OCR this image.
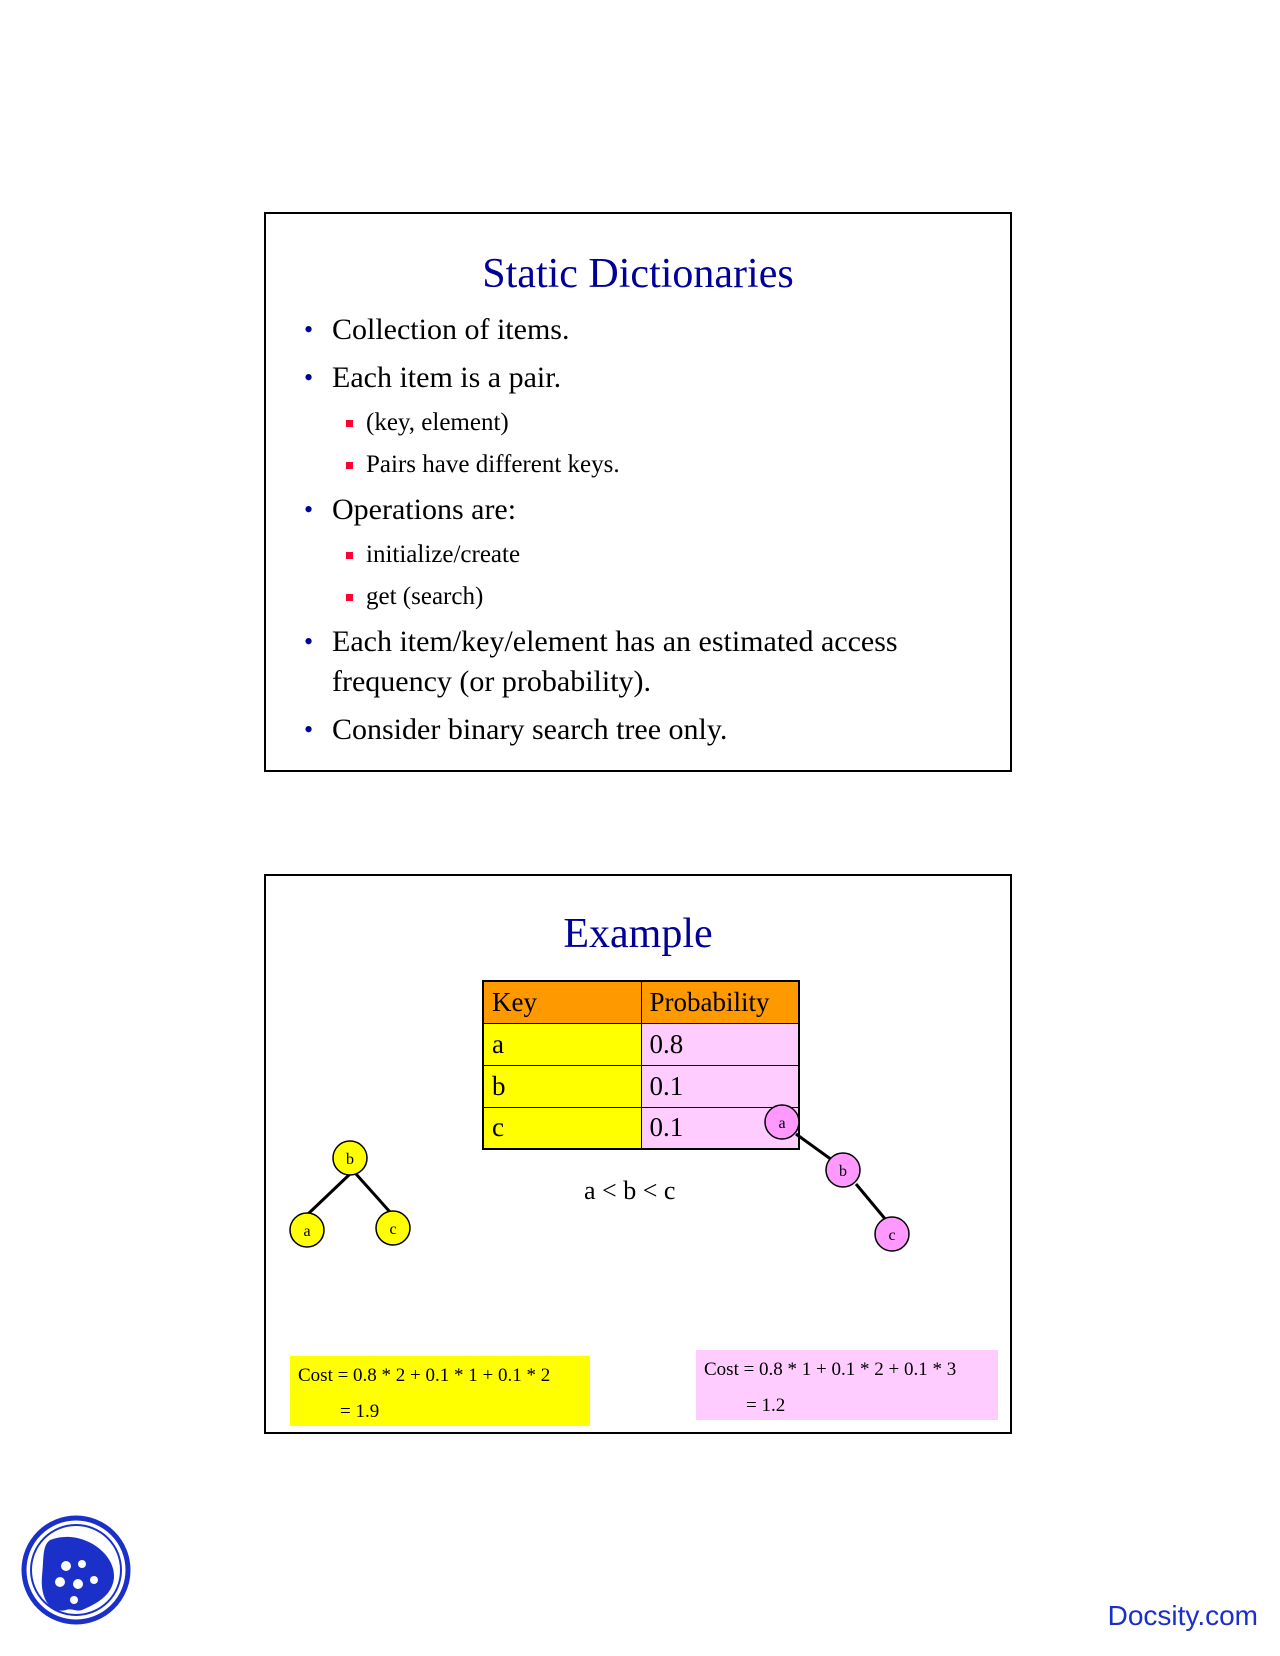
Static Dictionaries
• Collection of items.
• Each item is a pair.
(key, element)
Pairs have different keys.
• Operations are:
initialize/create
get (search)
• Each item/key/element has an estimated access frequency (or probability).
• Consider binary search tree only.
Example
Key	Probability
a	0.8
b	0.1
c	0.1
a < b < c
b
a	c
a
b
c
Cost = 0.8 * 2 + 0.1 * 1 + 0.1 * 2
= 1.9
Cost = 0.8 * 1 + 0.1 * 2 + 0.1 * 3
= 1.2
Docsity.com
